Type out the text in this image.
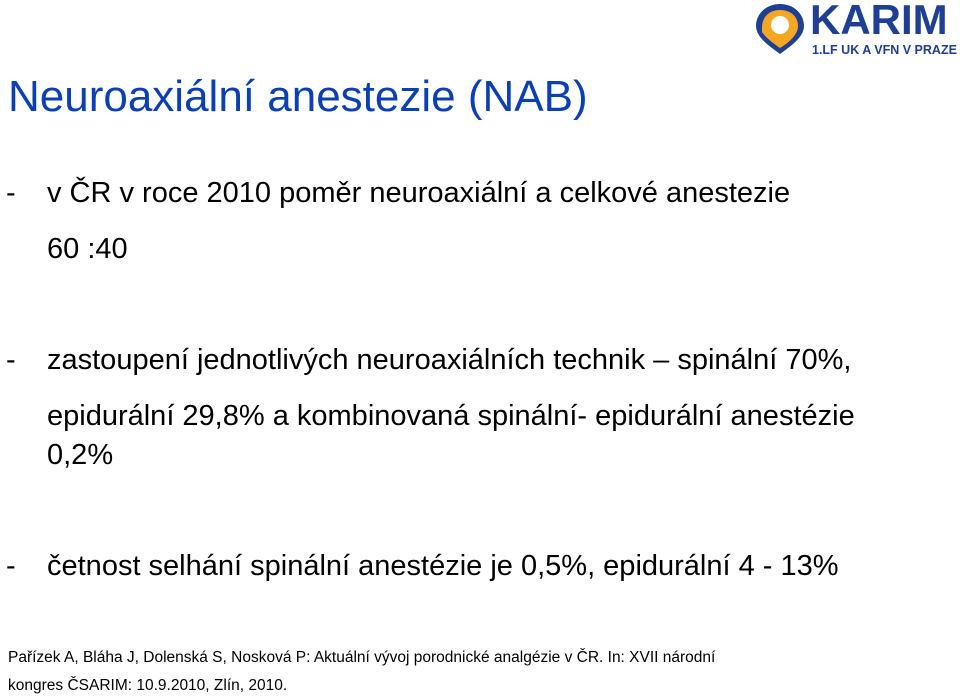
KARIM
1.LF UK A VFN V PRAZE
Neuroaxiální anestezie (NAB)
- v ČR v roce 2010 poměr neuroaxiální a celkové anestezie
60 :40
- zastoupení jednotlivých neuroaxiálních technik – spinální 70%,
epidurální 29,8% a kombinovaná spinální- epidurální anestézie
0,2%
- četnost selhání spinální anestézie je 0,5%, epidurální 4 - 13%
Pařízek A, Bláha J, Dolenská S, Nosková P: Aktuální vývoj porodnické analgézie v ČR. In: XVII národní
kongres ČSARIM: 10.9.2010, Zlín, 2010.
